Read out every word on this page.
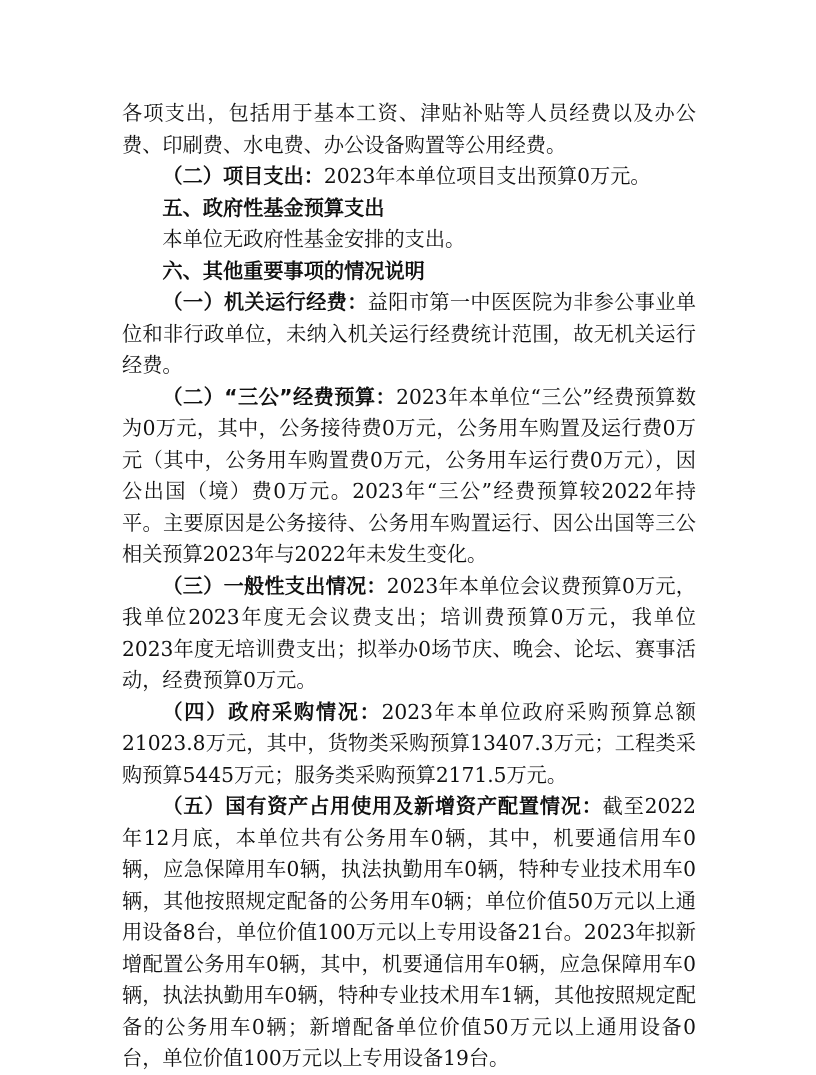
各项支出，包括用于基本工资、津贴补贴等人员经费以及办公费、印刷费、水电费、办公设备购置等公用经费。

（二）项目支出：2023年本单位项目支出预算0万元。

五、政府性基金预算支出

本单位无政府性基金安排的支出。

六、其他重要事项的情况说明

（一）机关运行经费：益阳市第一中医医院为非参公事业单位和非行政单位，未纳入机关运行经费统计范围，故无机关运行经费。

（二）“三公”经费预算：2023年本单位“三公”经费预算数为0万元，其中，公务接待费0万元，公务用车购置及运行费0万元（其中，公务用车购置费0万元，公务用车运行费0万元），因公出国（境）费0万元。2023年“三公”经费预算较2022年持平。主要原因是公务接待、公务用车购置运行、因公出国等三公相关预算2023年与2022年未发生变化。

（三）一般性支出情况：2023年本单位会议费预算0万元，我单位2023年度无会议费支出；培训费预算0万元，我单位2023年度无培训费支出；拟举办0场节庆、晚会、论坛、赛事活动，经费预算0万元。

（四）政府采购情况：2023年本单位政府采购预算总额21023.8万元，其中，货物类采购预算13407.3万元；工程类采购预算5445万元；服务类采购预算2171.5万元。

（五）国有资产占用使用及新增资产配置情况：截至2022年12月底，本单位共有公务用车0辆，其中，机要通信用车0辆，应急保障用车0辆，执法执勤用车0辆，特种专业技术用车0辆，其他按照规定配备的公务用车0辆；单位价值50万元以上通用设备8台，单位价值100万元以上专用设备21台。2023年拟新增配置公务用车0辆，其中，机要通信用车0辆，应急保障用车0辆，执法执勤用车0辆，特种专业技术用车1辆，其他按照规定配备的公务用车0辆；新增配备单位价值50万元以上通用设备0台，单位价值100万元以上专用设备19台。
